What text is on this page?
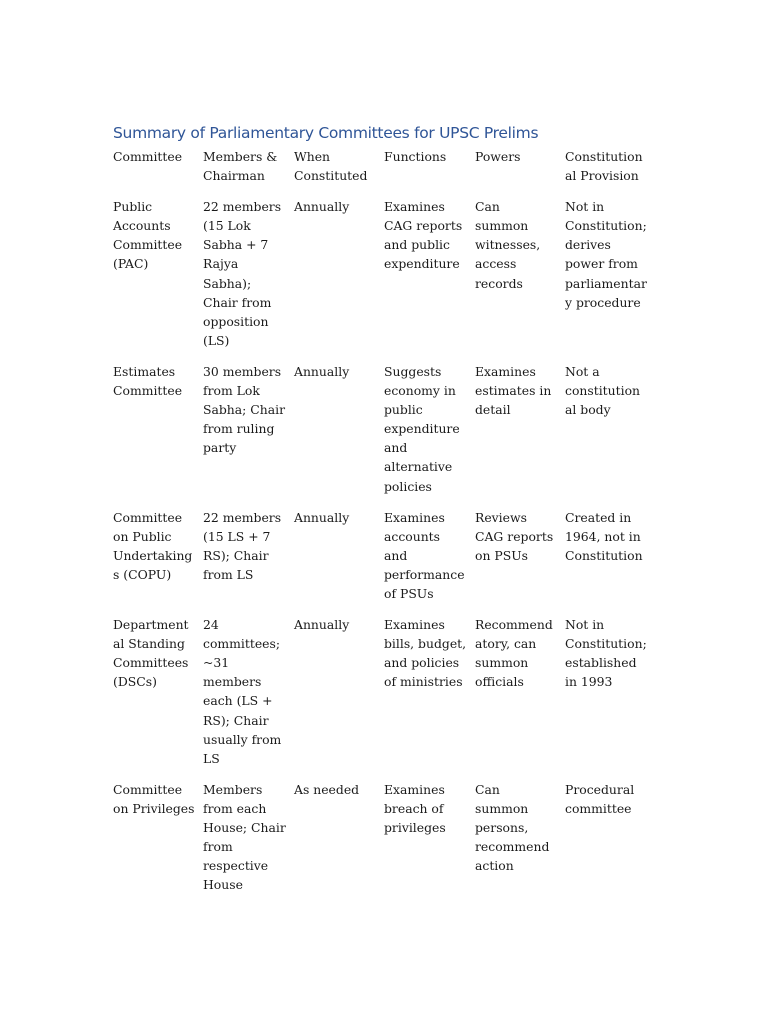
Summary of Parliamentary Committees for UPSC Prelims
Committee	Members & Chairman	When Constituted	Functions	Powers	Constitutional Provision
Public Accounts Committee (PAC)	22 members (15 Lok Sabha + 7 Rajya Sabha); Chair from opposition (LS)	Annually	Examines CAG reports and public expenditure	Can summon witnesses, access records	Not in Constitution; derives power from parliamentary procedure
Estimates Committee	30 members from Lok Sabha; Chair from ruling party	Annually	Suggests economy in public expenditure and alternative policies	Examines estimates in detail	Not a constitutional body
Committee on Public Undertakings (COPU)	22 members (15 LS + 7 RS); Chair from LS	Annually	Examines accounts and performance of PSUs	Reviews CAG reports on PSUs	Created in 1964, not in Constitution
Departmental Standing Committees (DSCs)	24 committees; ~31 members each (LS + RS); Chair usually from LS	Annually	Examines bills, budget, and policies of ministries	Recommendatory, can summon officials	Not in Constitution; established in 1993
Committee on Privileges	Members from each House; Chair from respective House	As needed	Examines breach of privileges	Can summon persons, recommend action	Procedural committee
